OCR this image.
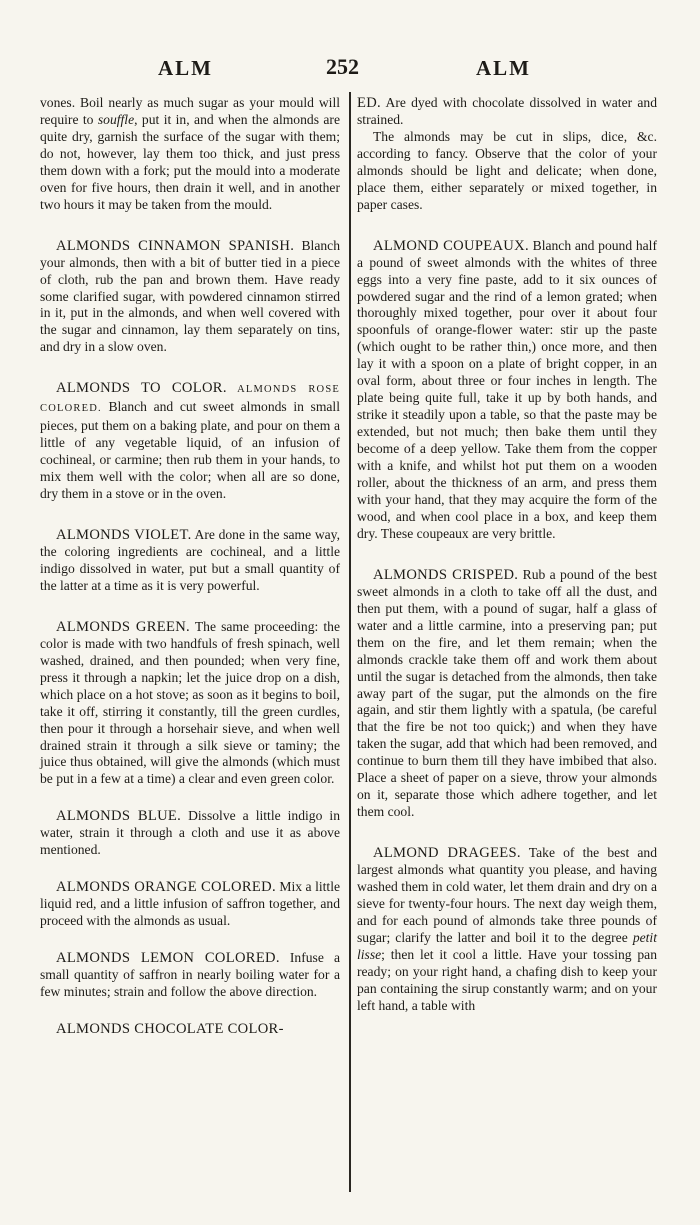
ALM	252	ALM

vones. Boil nearly as much sugar as your mould will require to souffle, put it in, and when the almonds are quite dry, garnish the surface of the sugar with them; do not, however, lay them too thick, and just press them down with a fork; put the mould into a moderate oven for five hours, then drain it well, and in another two hours it may be taken from the mould.

ALMONDS CINNAMON SPANISH. Blanch your almonds, then with a bit of butter tied in a piece of cloth, rub the pan and brown them. Have ready some clarified sugar, with powdered cinnamon stirred in it, put in the almonds, and when well covered with the sugar and cinnamon, lay them separately on tins, and dry in a slow oven.

ALMONDS TO COLOR. ALMONDS ROSE COLORED. Blanch and cut sweet almonds in small pieces, put them on a baking plate, and pour on them a little of any vegetable liquid, of an infusion of cochineal, or carmine; then rub them in your hands, to mix them well with the color; when all are so done, dry them in a stove or in the oven.

ALMONDS VIOLET. Are done in the same way, the coloring ingredients are cochineal, and a little indigo dissolved in water, put but a small quantity of the latter at a time as it is very powerful.

ALMONDS GREEN. The same proceeding: the color is made with two handfuls of fresh spinach, well washed, drained, and then pounded; when very fine, press it through a napkin; let the juice drop on a dish, which place on a hot stove; as soon as it begins to boil, take it off, stirring it constantly, till the green curdles, then pour it through a horsehair sieve, and when well drained strain it through a silk sieve or taminy; the juice thus obtained, will give the almonds (which must be put in a few at a time) a clear and even green color.

ALMONDS BLUE. Dissolve a little indigo in water, strain it through a cloth and use it as above mentioned.

ALMONDS ORANGE COLORED. Mix a little liquid red, and a little infusion of saffron together, and proceed with the almonds as usual.

ALMONDS LEMON COLORED. Infuse a small quantity of saffron in nearly boiling water for a few minutes; strain and follow the above direction.

ALMONDS CHOCOLATE COLOR-

ED. Are dyed with chocolate dissolved in water and strained.

The almonds may be cut in slips, dice, &c. according to fancy. Observe that the color of your almonds should be light and delicate; when done, place them, either separately or mixed together, in paper cases.

ALMOND COUPEAUX. Blanch and pound half a pound of sweet almonds with the whites of three eggs into a very fine paste, add to it six ounces of powdered sugar and the rind of a lemon grated; when thoroughly mixed together, pour over it about four spoonfuls of orange-flower water: stir up the paste (which ought to be rather thin,) once more, and then lay it with a spoon on a plate of bright copper, in an oval form, about three or four inches in length. The plate being quite full, take it up by both hands, and strike it steadily upon a table, so that the paste may be extended, but not much; then bake them until they become of a deep yellow. Take them from the copper with a knife, and whilst hot put them on a wooden roller, about the thickness of an arm, and press them with your hand, that they may acquire the form of the wood, and when cool place in a box, and keep them dry. These coupeaux are very brittle.

ALMONDS CRISPED. Rub a pound of the best sweet almonds in a cloth to take off all the dust, and then put them, with a pound of sugar, half a glass of water and a little carmine, into a preserving pan; put them on the fire, and let them remain; when the almonds crackle take them off and work them about until the sugar is detached from the almonds, then take away part of the sugar, put the almonds on the fire again, and stir them lightly with a spatula, (be careful that the fire be not too quick;) and when they have taken the sugar, add that which had been removed, and continue to burn them till they have imbibed that also. Place a sheet of paper on a sieve, throw your almonds on it, separate those which adhere together, and let them cool.

ALMOND DRAGEES. Take of the best and largest almonds what quantity you please, and having washed them in cold water, let them drain and dry on a sieve for twenty-four hours. The next day weigh them, and for each pound of almonds take three pounds of sugar; clarify the latter and boil it to the degree petit lisse; then let it cool a little. Have your tossing pan ready; on your right hand, a chafing dish to keep your pan containing the sirup constantly warm; and on your left hand, a table with
